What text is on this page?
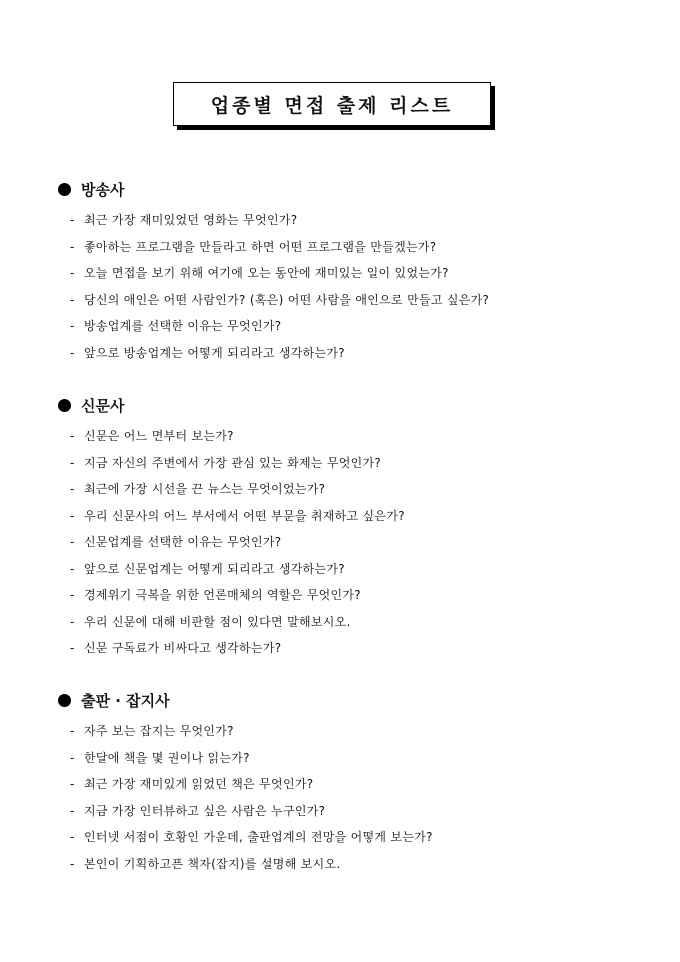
업종별 면접 출제 리스트
방송사
- 최근 가장 재미있었던 영화는 무엇인가?
- 좋아하는 프로그램을 만들라고 하면 어떤 프로그램을 만들겠는가?
- 오늘 면접을 보기 위해 여기에 오는 동안에 재미있는 일이 있었는가?
- 당신의 애인은 어떤 사람인가? (혹은) 어떤 사람을 애인으로 만들고 싶은가?
- 방송업계를 선택한 이유는 무엇인가?
- 앞으로 방송업계는 어떻게 되리라고 생각하는가?
신문사
- 신문은 어느 면부터 보는가?
- 지금 자신의 주변에서 가장 관심 있는 화제는 무엇인가?
- 최근에 가장 시선을 끈 뉴스는 무엇이었는가?
- 우리 신문사의 어느 부서에서 어떤 부문을 취재하고 싶은가?
- 신문업계를 선택한 이유는 무엇인가?
- 앞으로 신문업계는 어떻게 되리라고 생각하는가?
- 경제위기 극복을 위한 언론매체의 역할은 무엇인가?
- 우리 신문에 대해 비판할 점이 있다면 말해보시오.
- 신문 구독료가 비싸다고 생각하는가?
출판 · 잡지사
- 자주 보는 잡지는 무엇인가?
- 한달에 책을 몇 권이나 읽는가?
- 최근 가장 재미있게 읽었던 책은 무엇인가?
- 지금 가장 인터뷰하고 싶은 사람은 누구인가?
- 인터넷 서점이 호황인 가운데, 출판업계의 전망을 어떻게 보는가?
- 본인이 기획하고픈 책자(잡지)를 설명해 보시오.
